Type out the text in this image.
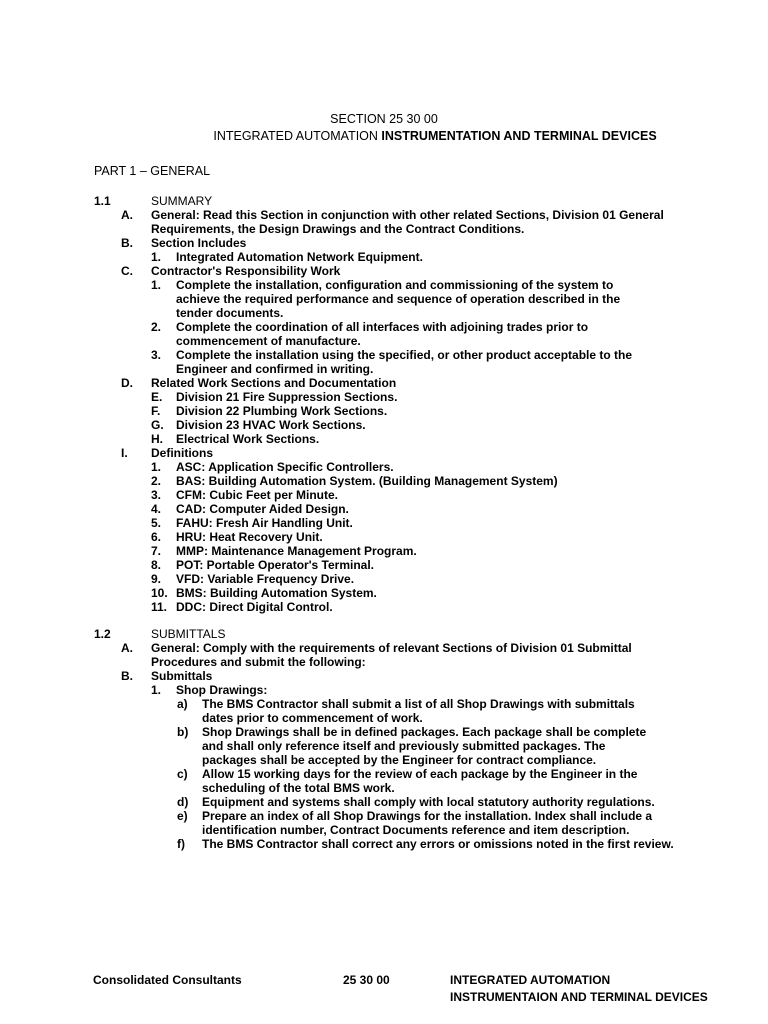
SECTION 25 30 00
INTEGRATED AUTOMATION INSTRUMENTATION AND TERMINAL DEVICES
PART 1 – GENERAL
1.1	SUMMARY
A. General: Read this Section in conjunction with other related Sections, Division 01 General
Requirements, the Design Drawings and the Contract Conditions.
B. Section Includes
1. Integrated Automation Network Equipment.
C. Contractor's Responsibility Work
1. Complete the installation, configuration and commissioning of the system to
achieve the required performance and sequence of operation described in the
tender documents.
2. Complete the coordination of all interfaces with adjoining trades prior to
commencement of manufacture.
3. Complete the installation using the specified, or other product acceptable to the
Engineer and confirmed in writing.
D. Related Work Sections and Documentation
E. Division 21 Fire Suppression Sections.
F. Division 22 Plumbing Work Sections.
G. Division 23 HVAC Work Sections.
H. Electrical Work Sections.
I. Definitions
1. ASC: Application Specific Controllers.
2. BAS: Building Automation System. (Building Management System)
3. CFM: Cubic Feet per Minute.
4. CAD: Computer Aided Design.
5. FAHU: Fresh Air Handling Unit.
6. HRU: Heat Recovery Unit.
7. MMP: Maintenance Management Program.
8. POT: Portable Operator's Terminal.
9. VFD: Variable Frequency Drive.
10. BMS: Building Automation System.
11. DDC: Direct Digital Control.
1.2	SUBMITTALS
A. General: Comply with the requirements of relevant Sections of Division 01 Submittal
Procedures and submit the following:
B. Submittals
1. Shop Drawings:
a) The BMS Contractor shall submit a list of all Shop Drawings with submittals
dates prior to commencement of work.
b) Shop Drawings shall be in defined packages. Each package shall be complete
and shall only reference itself and previously submitted packages. The
packages shall be accepted by the Engineer for contract compliance.
c) Allow 15 working days for the review of each package by the Engineer in the
scheduling of the total BMS work.
d) Equipment and systems shall comply with local statutory authority regulations.
e) Prepare an index of all Shop Drawings for the installation. Index shall include a
identification number, Contract Documents reference and item description.
f) The BMS Contractor shall correct any errors or omissions noted in the first review.
Consolidated Consultants	25 30 00	INTEGRATED AUTOMATION
INSTRUMENTAION AND TERMINAL DEVICES
